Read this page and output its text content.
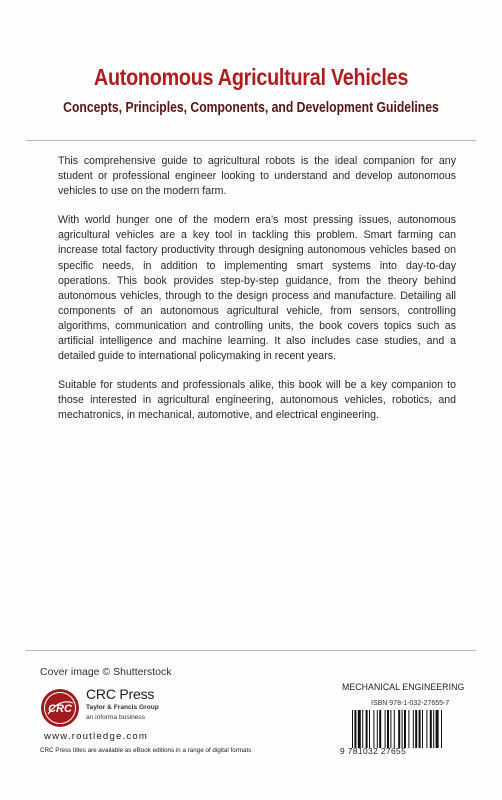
Autonomous Agricultural Vehicles
Concepts, Principles, Components, and Development Guidelines

This comprehensive guide to agricultural robots is the ideal companion for any student or professional engineer looking to understand and develop autonomous vehicles to use on the modern farm.

With world hunger one of the modern era’s most pressing issues, autonomous agricultural vehicles are a key tool in tackling this problem. Smart farming can increase total factory productivity through designing autonomous vehicles based on specific needs, in addition to implementing smart systems into day-to-day operations. This book provides step-by-step guidance, from the theory behind autonomous vehicles, through to the design process and manufacture. Detailing all components of an autonomous agricultural vehicle, from sensors, controlling algorithms, communication and controlling units, the book covers topics such as artificial intelligence and machine learning. It also includes case studies, and a detailed guide to international policymaking in recent years.

Suitable for students and professionals alike, this book will be a key companion to those interested in agricultural engineering, autonomous vehicles, robotics, and mechatronics, in mechanical, automotive, and electrical engineering.

Cover image © Shutterstock
CRC
CRC Press
Taylor & Francis Group
an informa business
www.routledge.com
CRC Press titles are available as eBook editions in a range of digital formats
MECHANICAL ENGINEERING
ISBN 978-1-032-27655-7
9 781032 27655
